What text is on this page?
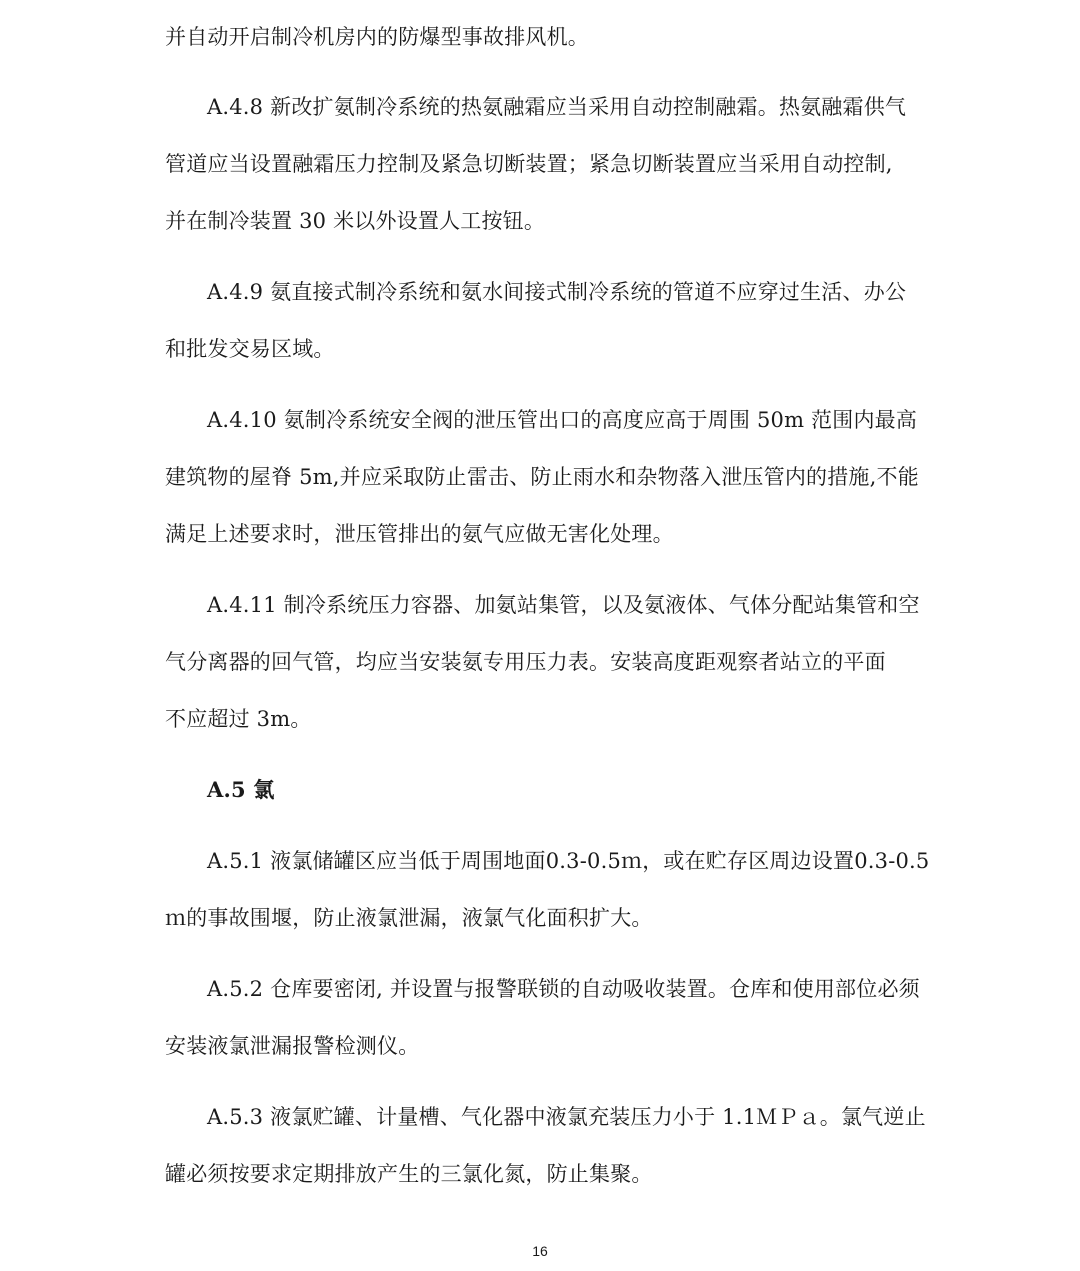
并自动开启制冷机房内的防爆型事故排风机。
A.4.8 新改扩氨制冷系统的热氨融霜应当采用自动控制融霜。热氨融霜供气
管道应当设置融霜压力控制及紧急切断装置；紧急切断装置应当采用自动控制,
并在制冷装置 30 米以外设置人工按钮。
A.4.9 氨直接式制冷系统和氨水间接式制冷系统的管道不应穿过生活、办公
和批发交易区域。
A.4.10 氨制冷系统安全阀的泄压管出口的高度应高于周围 50m 范围内最高
建筑物的屋脊 5m,并应采取防止雷击、防止雨水和杂物落入泄压管内的措施,不能
满足上述要求时，泄压管排出的氨气应做无害化处理。
A.4.11 制冷系统压力容器、加氨站集管，以及氨液体、气体分配站集管和空
气分离器的回气管，均应当安装氨专用压力表。安装高度距观察者站立的平面
不应超过 3m。
A.5 氯
A.5.1 液氯储罐区应当低于周围地面0.3-0.5ｍ，或在贮存区周边设置0.3-0.5
ｍ的事故围堰，防止液氯泄漏，液氯气化面积扩大。
A.5.2 仓库要密闭, 并设置与报警联锁的自动吸收装置。仓库和使用部位必须
安装液氯泄漏报警检测仪。
A.5.3 液氯贮罐、计量槽、气化器中液氯充装压力小于 1.1ＭＰａ。氯气逆止
罐必须按要求定期排放产生的三氯化氮，防止集聚。
16
